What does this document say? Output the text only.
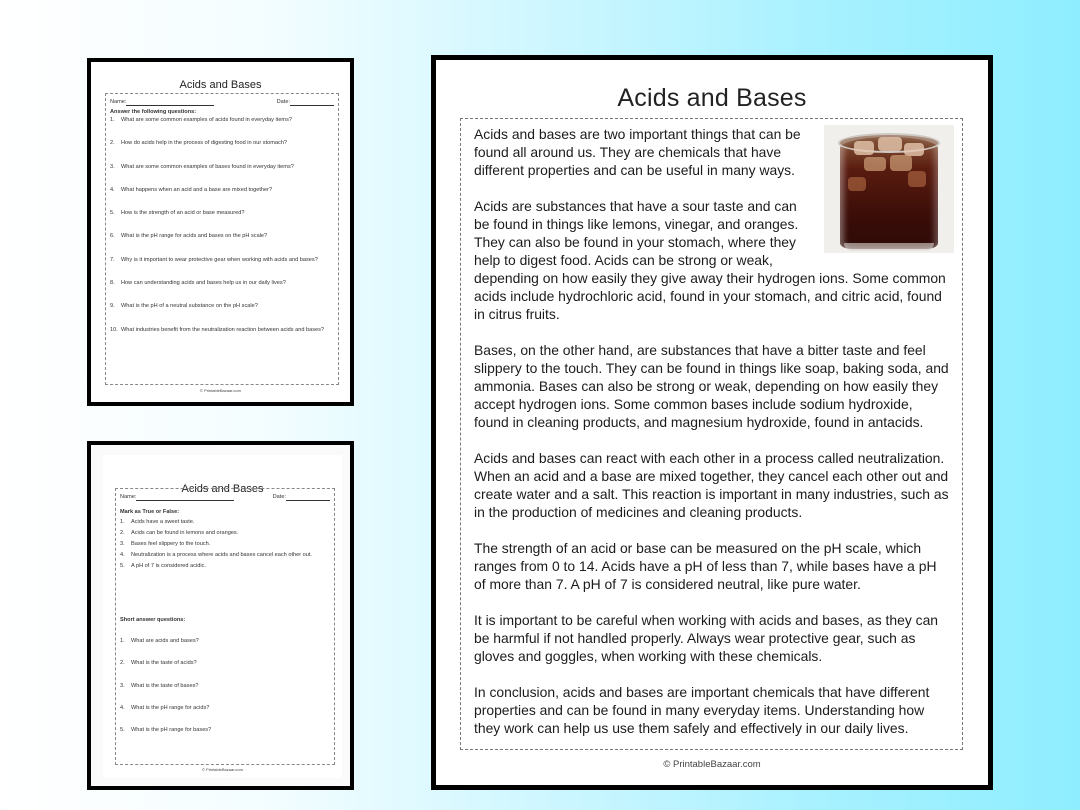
Acids and Bases
Name:	Date:
Answer the following questions:
1.	What are some common examples of acids found in everyday items?
2.	How do acids help in the process of digesting food in our stomach?
3.	What are some common examples of bases found in everyday items?
4.	What happens when an acid and a base are mixed together?
5.	How is the strength of an acid or base measured?
6.	What is the pH range for acids and bases on the pH scale?
7.	Why is it important to wear protective gear when working with acids and bases?
8.	How can understanding acids and bases help us in our daily lives?
9.	What is the pH of a neutral substance on the pH scale?
10. What industries benefit from the neutralization reaction between acids and bases?
© PrintableBazaar.com
Acids and Bases
Name:	Date:
Mark as True or False:
1.	Acids have a sweet taste.
2.	Acids can be found in lemons and oranges.
3.	Bases feel slippery to the touch.
4.	Neutralization is a process where acids and bases cancel each other out.
5.	A pH of 7 is considered acidic.
Short answer questions:
1.	What are acids and bases?
2.	What is the taste of acids?
3.	What is the taste of bases?
4.	What is the pH range for acids?
5.	What is the pH range for bases?
© PrintableBazaar.com
Acids and Bases

Acids and bases are two important things that can be found all around us. They are chemicals that have different properties and can be useful in many ways.

Acids are substances that have a sour taste and can be found in things like lemons, vinegar, and oranges. They can also be found in your stomach, where they help to digest food. Acids can be strong or weak, depending on how easily they give away their hydrogen ions. Some common acids include hydrochloric acid, found in your stomach, and citric acid, found in citrus fruits.

Bases, on the other hand, are substances that have a bitter taste and feel slippery to the touch. They can be found in things like soap, baking soda, and ammonia. Bases can also be strong or weak, depending on how easily they accept hydrogen ions. Some common bases include sodium hydroxide, found in cleaning products, and magnesium hydroxide, found in antacids.

Acids and bases can react with each other in a process called neutralization. When an acid and a base are mixed together, they cancel each other out and create water and a salt. This reaction is important in many industries, such as in the production of medicines and cleaning products.

The strength of an acid or base can be measured on the pH scale, which ranges from 0 to 14. Acids have a pH of less than 7, while bases have a pH of more than 7. A pH of 7 is considered neutral, like pure water.

It is important to be careful when working with acids and bases, as they can be harmful if not handled properly. Always wear protective gear, such as gloves and goggles, when working with these chemicals.

In conclusion, acids and bases are important chemicals that have different properties and can be found in many everyday items. Understanding how they work can help us use them safely and effectively in our daily lives.

© PrintableBazaar.com
